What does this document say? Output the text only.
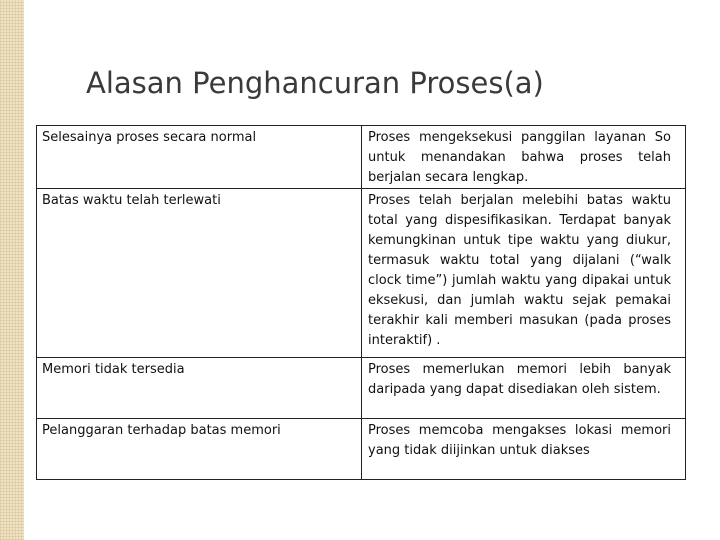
Alasan Penghancuran Proses(a)
Selesainya proses secara normal	Proses mengeksekusi panggilan layanan So untuk menandakan bahwa proses telah berjalan secara lengkap.
Batas waktu telah terlewati	Proses telah berjalan melebihi batas waktu total yang dispesifikasikan. Terdapat banyak kemungkinan untuk tipe waktu yang diukur, termasuk waktu total yang dijalani (“walk clock time”) jumlah waktu yang dipakai untuk eksekusi, dan jumlah waktu sejak pemakai terakhir kali memberi masukan (pada proses interaktif) .
Memori tidak tersedia	Proses memerlukan memori lebih banyak daripada yang dapat disediakan oleh sistem.
Pelanggaran terhadap batas memori	Proses memcoba mengakses lokasi memori yang tidak diijinkan untuk diakses
